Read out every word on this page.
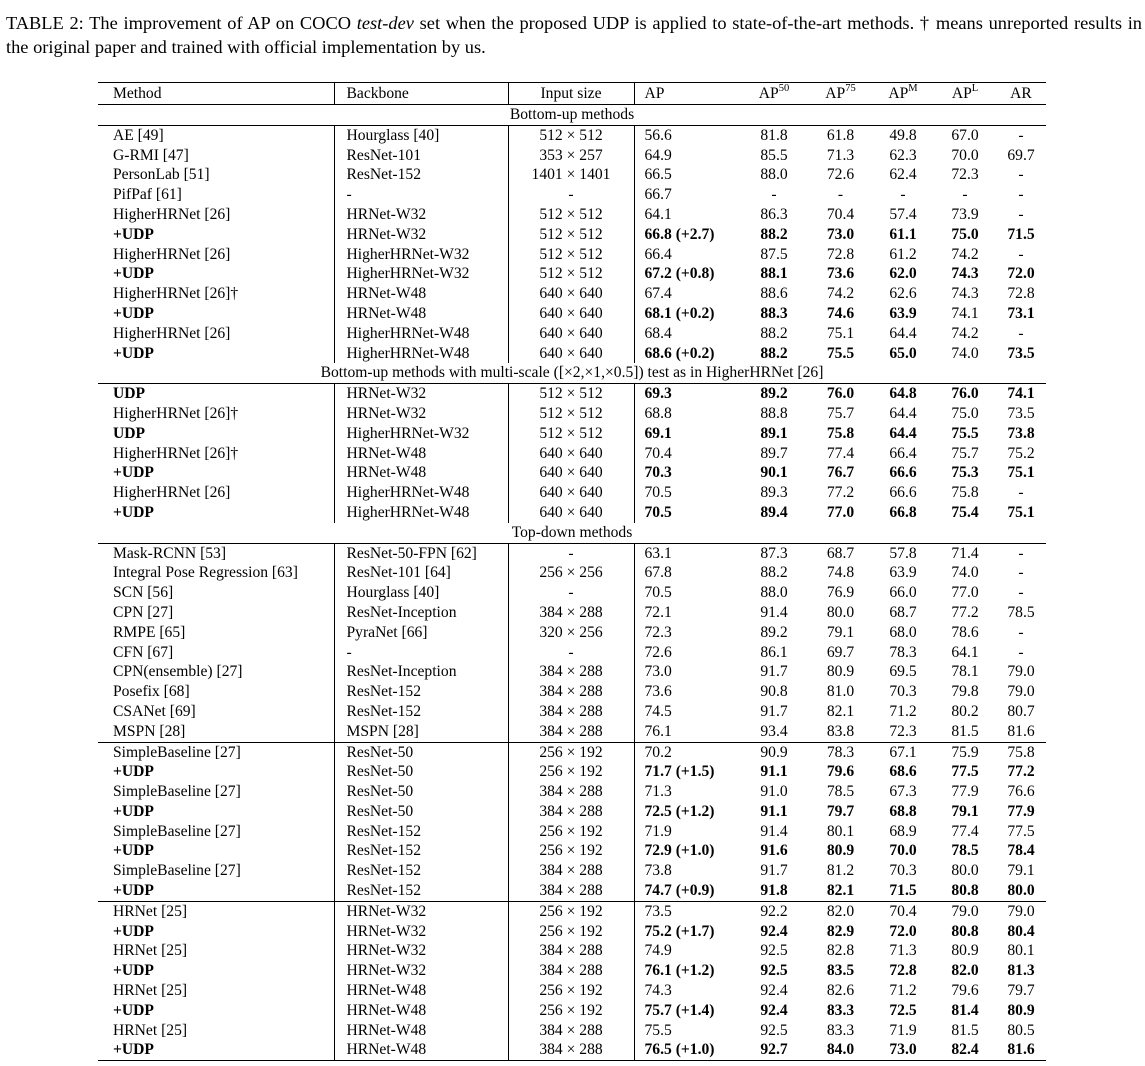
TABLE 2: The improvement of AP on COCO test-dev set when the proposed UDP is applied to state-of-the-art methods. † means unreported results in the original paper and trained with official implementation by us.

Method	Backbone	Input size	AP	AP$^{50}$	AP$^{75}$	$AP^M$	$AP^L$	AR
Bottom-up methods								
AE [49]	Hourglass [40]	512 × 512	56.6	81.8	61.8	49.8	67.0	-
G-RMI [47]	ResNet-101	353 × 257	64.9	85.5	71.3	62.3	70.0	69.7
PersonLab [51]	ResNet-152	1401 × 1401	66.5	88.0	72.6	62.4	72.3	-
PifPaf [61]	-	-	66.7	-	-	-	-	-
HigherHRNet [26]	HRNet-W32	512 × 512	64.1	86.3	70.4	57.4	73.9	-
+UDP	HRNet-W32	512 × 512	66.8 (+2.7)	88.2	73.0	61.1	75.0	71.5
HigherHRNet [26]	HigherHRNet-W32	512 × 512	66.4	87.5	72.8	61.2	74.2	-
+UDP	HigherHRNet-W32	512 × 512	67.2 (+0.8)	88.1	73.6	62.0	74.3	72.0
HigherHRNet [26]†	HRNet-W48	640 × 640	67.4	88.6	74.2	62.6	74.3	72.8
+UDP	HRNet-W48	640 × 640	68.1 (+0.2)	88.3	74.6	63.9	74.1	73.1
HigherHRNet [26]	HigherHRNet-W48	640 × 640	68.4	88.2	75.1	64.4	74.2	-
+UDP	HigherHRNet-W48	640 × 640	68.6 (+0.2)	88.2	75.5	65.0	74.0	73.5
Bottom-up methods with multi-scale ([×2,×1,×0.5]) test as in HigherHRNet [26]								
UDP	HRNet-W32	512 × 512	69.3	89.2	76.0	64.8	76.0	74.1
HigherHRNet [26]†	HRNet-W32	512 × 512	68.8	88.8	75.7	64.4	75.0	73.5
UDP	HigherHRNet-W32	512 × 512	69.1	89.1	75.8	64.4	75.5	73.8
HigherHRNet [26]†	HRNet-W48	640 × 640	70.4	89.7	77.4	66.4	75.7	75.2
+UDP	HRNet-W48	640 × 640	70.3	90.1	76.7	66.6	75.3	75.1
HigherHRNet [26]	HigherHRNet-W48	640 × 640	70.5	89.3	77.2	66.6	75.8	-
+UDP	HigherHRNet-W48	640 × 640	70.5	89.4	77.0	66.8	75.4	75.1
Top-down methods								
Mask-RCNN [53]	ResNet-50-FPN [62]	-	63.1	87.3	68.7	57.8	71.4	-
Integral Pose Regression [63]	ResNet-101 [64]	256 × 256	67.8	88.2	74.8	63.9	74.0	-
SCN [56]	Hourglass [40]	-	70.5	88.0	76.9	66.0	77.0	-
CPN [27]	ResNet-Inception	384 × 288	72.1	91.4	80.0	68.7	77.2	78.5
RMPE [65]	PyraNet [66]	320 × 256	72.3	89.2	79.1	68.0	78.6	-
CFN [67]	-	-	72.6	86.1	69.7	78.3	64.1	-
CPN(ensemble) [27]	ResNet-Inception	384 × 288	73.0	91.7	80.9	69.5	78.1	79.0
Posefix [68]	ResNet-152	384 × 288	73.6	90.8	81.0	70.3	79.8	79.0
CSANet [69]	ResNet-152	384 × 288	74.5	91.7	82.1	71.2	80.2	80.7
MSPN [28]	MSPN [28]	384 × 288	76.1	93.4	83.8	72.3	81.5	81.6
SimpleBaseline [27]	ResNet-50	256 × 192	70.2	90.9	78.3	67.1	75.9	75.8
+UDP	ResNet-50	256 × 192	71.7 (+1.5)	91.1	79.6	68.6	77.5	77.2
SimpleBaseline [27]	ResNet-50	384 × 288	71.3	91.0	78.5	67.3	77.9	76.6
+UDP	ResNet-50	384 × 288	72.5 (+1.2)	91.1	79.7	68.8	79.1	77.9
SimpleBaseline [27]	ResNet-152	256 × 192	71.9	91.4	80.1	68.9	77.4	77.5
+UDP	ResNet-152	256 × 192	72.9 (+1.0)	91.6	80.9	70.0	78.5	78.4
SimpleBaseline [27]	ResNet-152	384 × 288	73.8	91.7	81.2	70.3	80.0	79.1
+UDP	ResNet-152	384 × 288	74.7 (+0.9)	91.8	82.1	71.5	80.8	80.0
HRNet [25]	HRNet-W32	256 × 192	73.5	92.2	82.0	70.4	79.0	79.0
+UDP	HRNet-W32	256 × 192	75.2 (+1.7)	92.4	82.9	72.0	80.8	80.4
HRNet [25]	HRNet-W32	384 × 288	74.9	92.5	82.8	71.3	80.9	80.1
+UDP	HRNet-W32	384 × 288	76.1 (+1.2)	92.5	83.5	72.8	82.0	81.3
HRNet [25]	HRNet-W48	256 × 192	74.3	92.4	82.6	71.2	79.6	79.7
+UDP	HRNet-W48	256 × 192	75.7 (+1.4)	92.4	83.3	72.5	81.4	80.9
HRNet [25]	HRNet-W48	384 × 288	75.5	92.5	83.3	71.9	81.5	80.5
+UDP	HRNet-W48	384 × 288	76.5 (+1.0)	92.7	84.0	73.0	82.4	81.6
